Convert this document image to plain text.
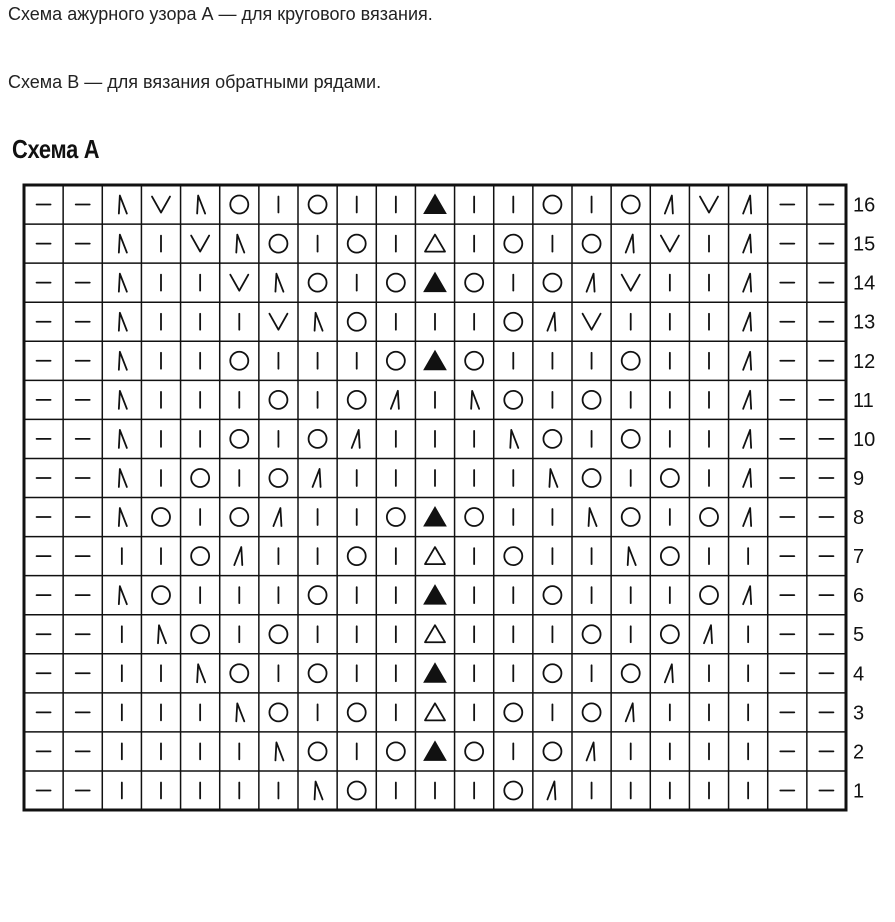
Схема ажурного узора А — для кругового вязания.
Схема В — для вязания обратными рядами.
Схема А
16
15
14
13
12
11
10
9
8
7
6
5
4
3
2
1
